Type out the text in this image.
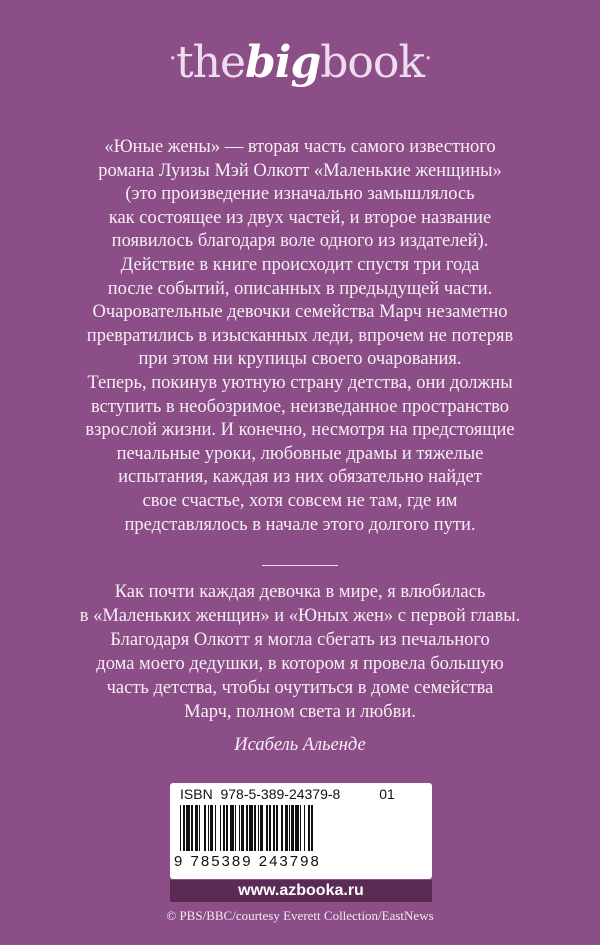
·thebigbook·

«Юные жены» — вторая часть самого известного

романа Луизы Мэй Олкотт «Маленькие женщины»

(это произведение изначально замышлялось

как состоящее из двух частей, и второе название

появилось благодаря воле одного из издателей).

Действие в книге происходит спустя три года

после событий, описанных в предыдущей части.

Очаровательные девочки семейства Марч незаметно

превратились в изысканных леди, впрочем не потеряв

при этом ни крупицы своего очарования.

Теперь, покинув уютную страну детства, они должны

вступить в необозримое, неизведанное пространство

взрослой жизни. И конечно, несмотря на предстоящие

печальные уроки, любовные драмы и тяжелые

испытания, каждая из них обязательно найдет

свое счастье, хотя совсем не там, где им

представлялось в начале этого долгого пути.

Как почти каждая девочка в мире, я влюбилась

в «Маленьких женщин» и «Юных жен» с первой главы.

Благодаря Олкотт я могла сбегать из печального

дома моего дедушки, в котором я провела большую

часть детства, чтобы очутиться в доме семейства

Марч, полном света и любви.

Исабель Альенде
ISBN  978-5-389-24379-8	01
9 785389 243798
www.azbooka.ru
© PBS/BBC/courtesy Everett Collection/EastNews
